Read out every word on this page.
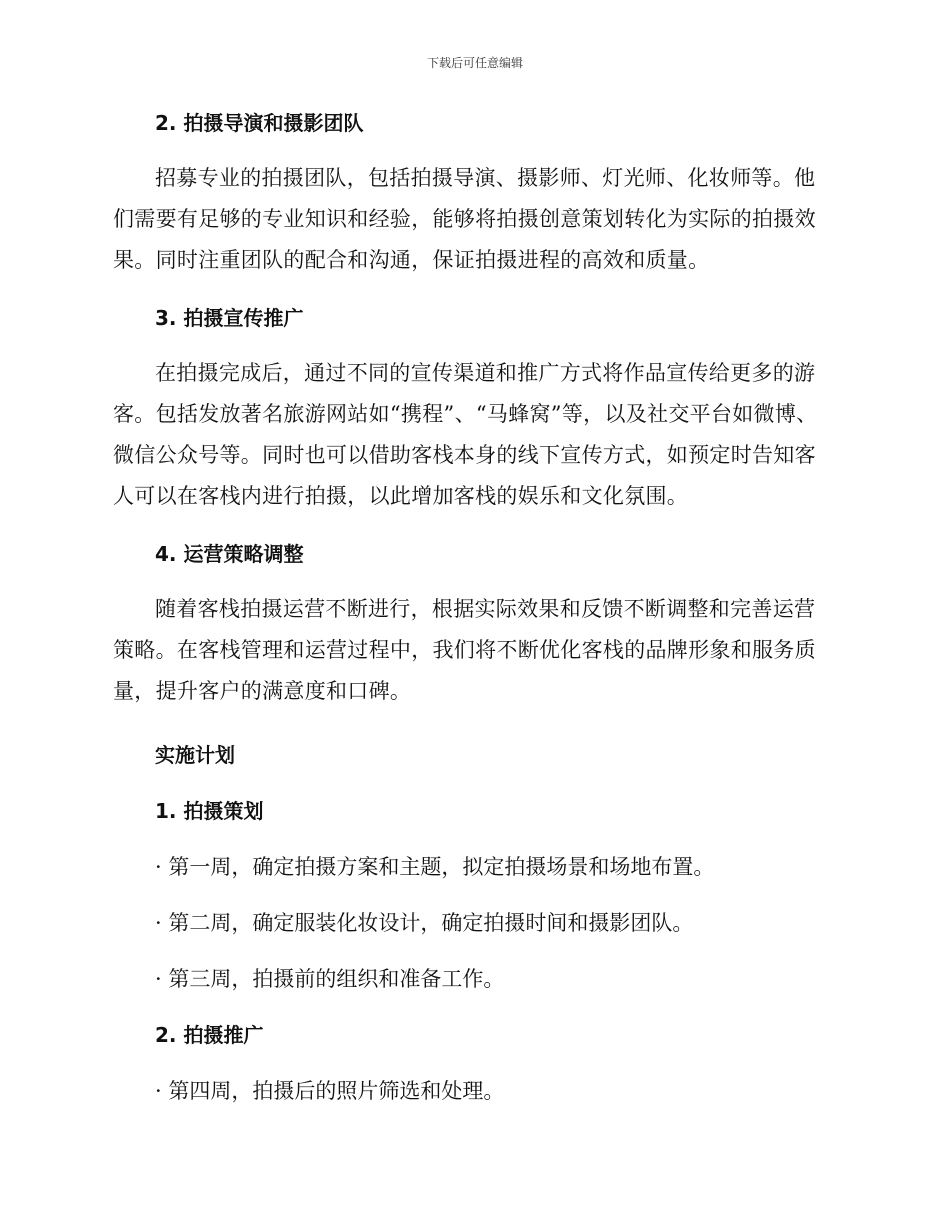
下载后可任意编辑
2. 拍摄导演和摄影团队

招募专业的拍摄团队，包括拍摄导演、摄影师、灯光师、化妆师等。他们需要有足够的专业知识和经验，能够将拍摄创意策划转化为实际的拍摄效果。同时注重团队的配合和沟通，保证拍摄进程的高效和质量。

3. 拍摄宣传推广

在拍摄完成后，通过不同的宣传渠道和推广方式将作品宣传给更多的游客。包括发放著名旅游网站如“携程”、“马蜂窝”等，以及社交平台如微博、微信公众号等。同时也可以借助客栈本身的线下宣传方式，如预定时告知客人可以在客栈内进行拍摄，以此增加客栈的娱乐和文化氛围。

4. 运营策略调整

随着客栈拍摄运营不断进行，根据实际效果和反馈不断调整和完善运营策略。在客栈管理和运营过程中，我们将不断优化客栈的品牌形象和服务质量，提升客户的满意度和口碑。

实施计划
1. 拍摄策划
· 第一周，确定拍摄方案和主题，拟定拍摄场景和场地布置。
· 第二周，确定服装化妆设计，确定拍摄时间和摄影团队。
· 第三周，拍摄前的组织和准备工作。
2. 拍摄推广
· 第四周，拍摄后的照片筛选和处理。
